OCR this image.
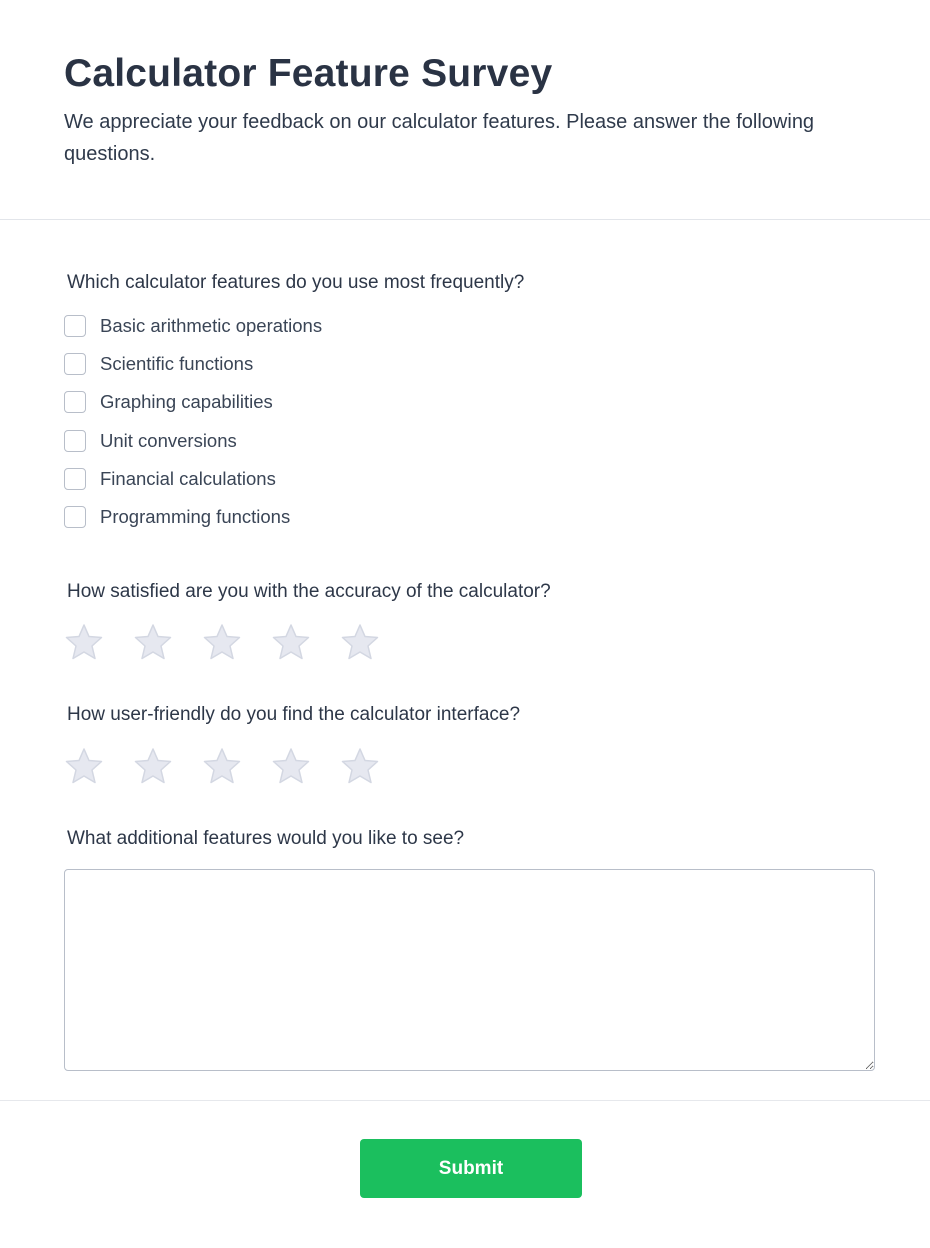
Calculator Feature Survey

We appreciate your feedback on our calculator features. Please answer the following questions.

Which calculator features do you use most frequently?

Basic arithmetic operations
Scientific functions
Graphing capabilities
Unit conversions
Financial calculations
Programming functions

How satisfied are you with the accuracy of the calculator?

How user-friendly do you find the calculator interface?

What additional features would you like to see?

Submit
